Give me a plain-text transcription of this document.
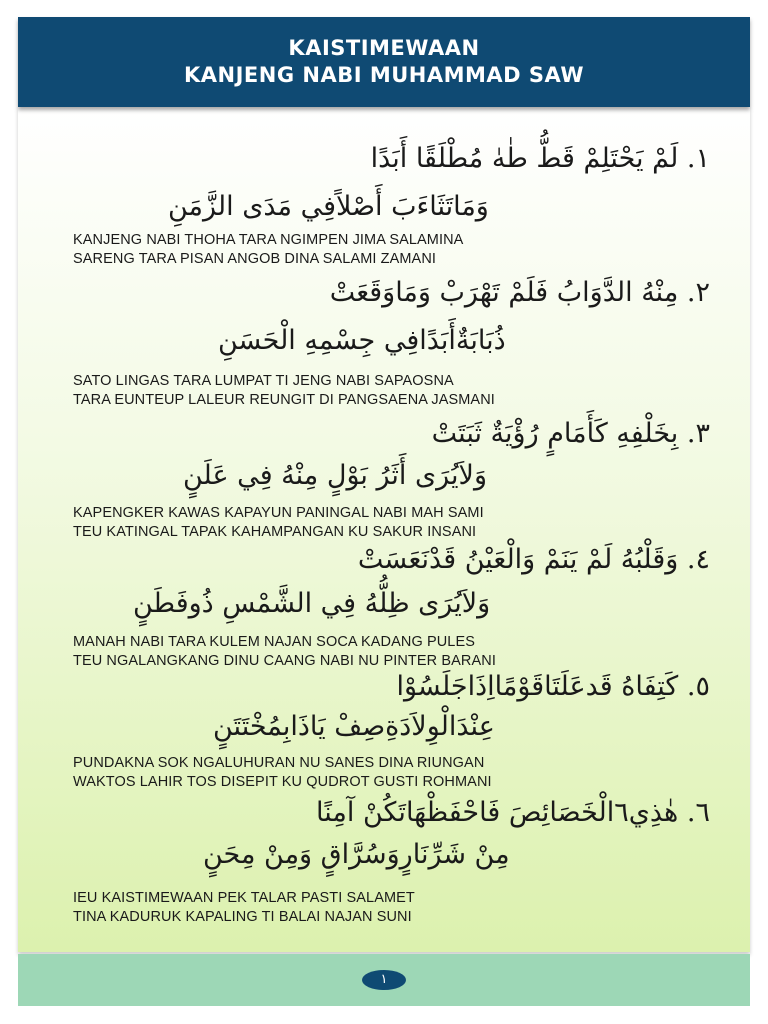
KAISTIMEWAAN
KANJENG NABI MUHAMMAD SAW
١. لَمْ يَحْتَلِمْ قَطُّ طٰهٰ مُطْلَقًا أَبَدًا
وَمَاتَثَاءَبَ أَصْلاًفِي مَدَى الزَّمَنِ
KANJENG NABI THOHA TARA NGIMPEN JIMA SALAMINA
SARENG TARA PISAN ANGOB DINA SALAMI ZAMANI
٢. مِنْهُ الدَّوَابُ فَلَمْ تَهْرَبْ وَمَاوَقَعَتْ
ذُبَابَةٌأَبَدًافِي جِسْمِهِ الْحَسَنِ
SATO LINGAS TARA LUMPAT TI JENG NABI SAPAOSNA
TARA EUNTEUP LALEUR REUNGIT DI PANGSAENA JASMANI
٣. بِخَلْفِهِ كَأَمَامٍ رُؤْيَةٌ ثَبَتَتْ
وَلاَيُرَى أَثَرُ بَوْلٍ مِنْهُ فِي عَلَنٍ
KAPENGKER KAWAS KAPAYUN PANINGAL NABI MAH SAMI
TEU KATINGAL TAPAK KAHAMPANGAN KU SAKUR INSANI
٤. وَقَلْبُهُ لَمْ يَنَمْ وَالْعَيْنُ قَدْنَعَسَتْ
وَلاَيُرَى ظِلُّهُ فِي الشَّمْسِ ذُوفَطَنٍ
MANAH NABI TARA KULEM NAJAN SOCA KADANG PULES
TEU NGALANGKANG DINU CAANG NABI NU PINTER BARANI
٥. كَتِفَاهُ قَدعَلَتَاقَوْمًااِذَاجَلَسُوْا
عِنْدَالْوِلاَدَةِصِفْ يَاذَابِمُخْتَتَنٍ
PUNDAKNA SOK NGALUHURAN NU SANES DINA RIUNGAN
WAKTOS LAHIR TOS DISEPIT KU QUDROT GUSTI ROHMANI
٦. هٰذِي٦الْخَصَائِصَ فَاحْفَظْهَاتَكُنْ آمِنًا
مِنْ شَرِّنَارٍوَسُرَّاقٍ وَمِنْ مِحَنٍ
IEU KAISTIMEWAAN PEK TALAR PASTI SALAMET
TINA KADURUK KAPALING TI BALAI NAJAN SUNI
١
